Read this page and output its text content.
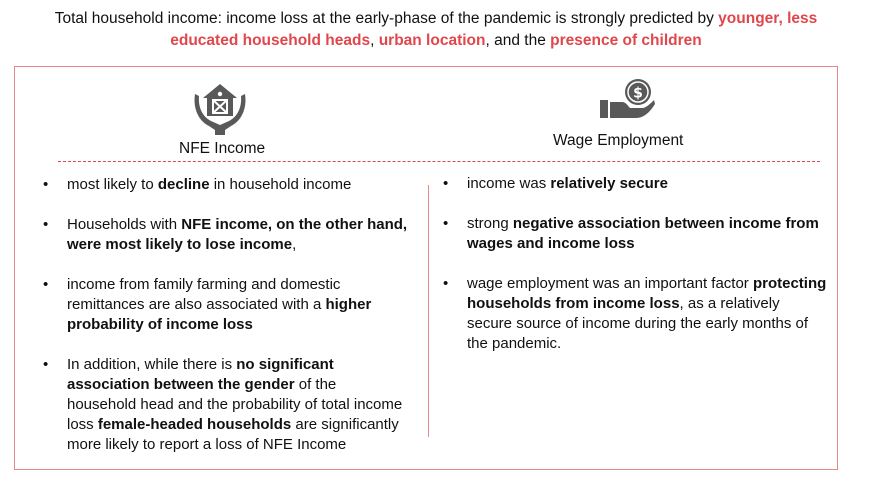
Total household income: income loss at the early-phase of the pandemic is strongly predicted by younger, less educated household heads, urban location, and the presence of children
NFE Income
$
Wage Employment
• most likely to decline in household income
• Households with NFE income, on the other hand, were most likely to lose income,
• income from family farming and domestic remittances are also associated with a higher probability of income loss
• In addition, while there is no significant association between the gender of the household head and the probability of total income loss female-headed households are significantly more likely to report a loss of NFE Income
• income was relatively secure
• strong negative association between income from wages and income loss
• wage employment was an important factor protecting households from income loss, as a relatively secure source of income during the early months of the pandemic.
